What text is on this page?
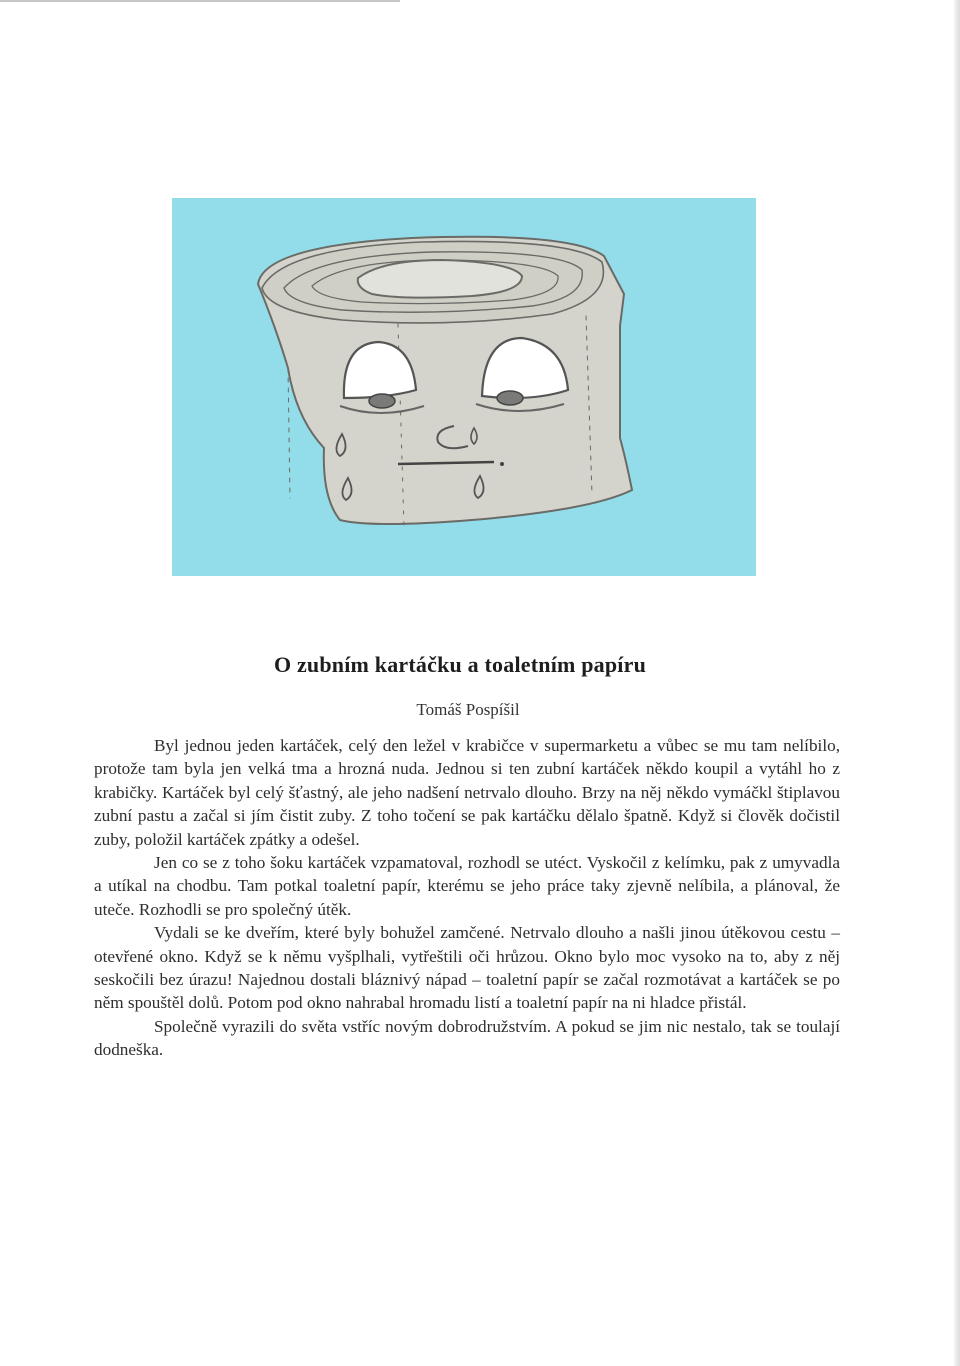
O zubním kartáčku a toaletním papíru
Tomáš Pospíšil

Byl jednou jeden kartáček, celý den ležel v krabičce v supermarketu a vůbec se mu tam nelíbilo, protože tam byla jen velká tma a hrozná nuda. Jednou si ten zubní kartáček někdo koupil a vytáhl ho z krabičky. Kartáček byl celý šťastný, ale jeho nadšení netrvalo dlouho. Brzy na něj někdo vymáčkl štiplavou zubní pastu a začal si jím čistit zuby. Z toho točení se pak kartáčku dělalo špatně. Když si člověk dočistil zuby, položil kartáček zpátky a odešel.

Jen co se z toho šoku kartáček vzpamatoval, rozhodl se utéct. Vyskočil z kelímku, pak z umyvadla a utíkal na chodbu. Tam potkal toaletní papír, kterému se jeho práce taky zjevně nelíbila, a plánoval, že uteče. Rozhodli se pro společný útěk.

Vydali se ke dveřím, které byly bohužel zamčené. Netrvalo dlouho a našli jinou útěkovou cestu – otevřené okno. Když se k němu vyšplhali, vytřeštili oči hrůzou. Okno bylo moc vysoko na to, aby z něj seskočili bez úrazu! Najednou dostali bláznivý nápad – toaletní papír se začal rozmotávat a kartáček se po něm spouštěl dolů. Potom pod okno nahrabal hromadu listí a toaletní papír na ni hladce přistál.

Společně vyrazili do světa vstříc novým dobrodružstvím. A pokud se jim nic nestalo, tak se toulají dodneška.
